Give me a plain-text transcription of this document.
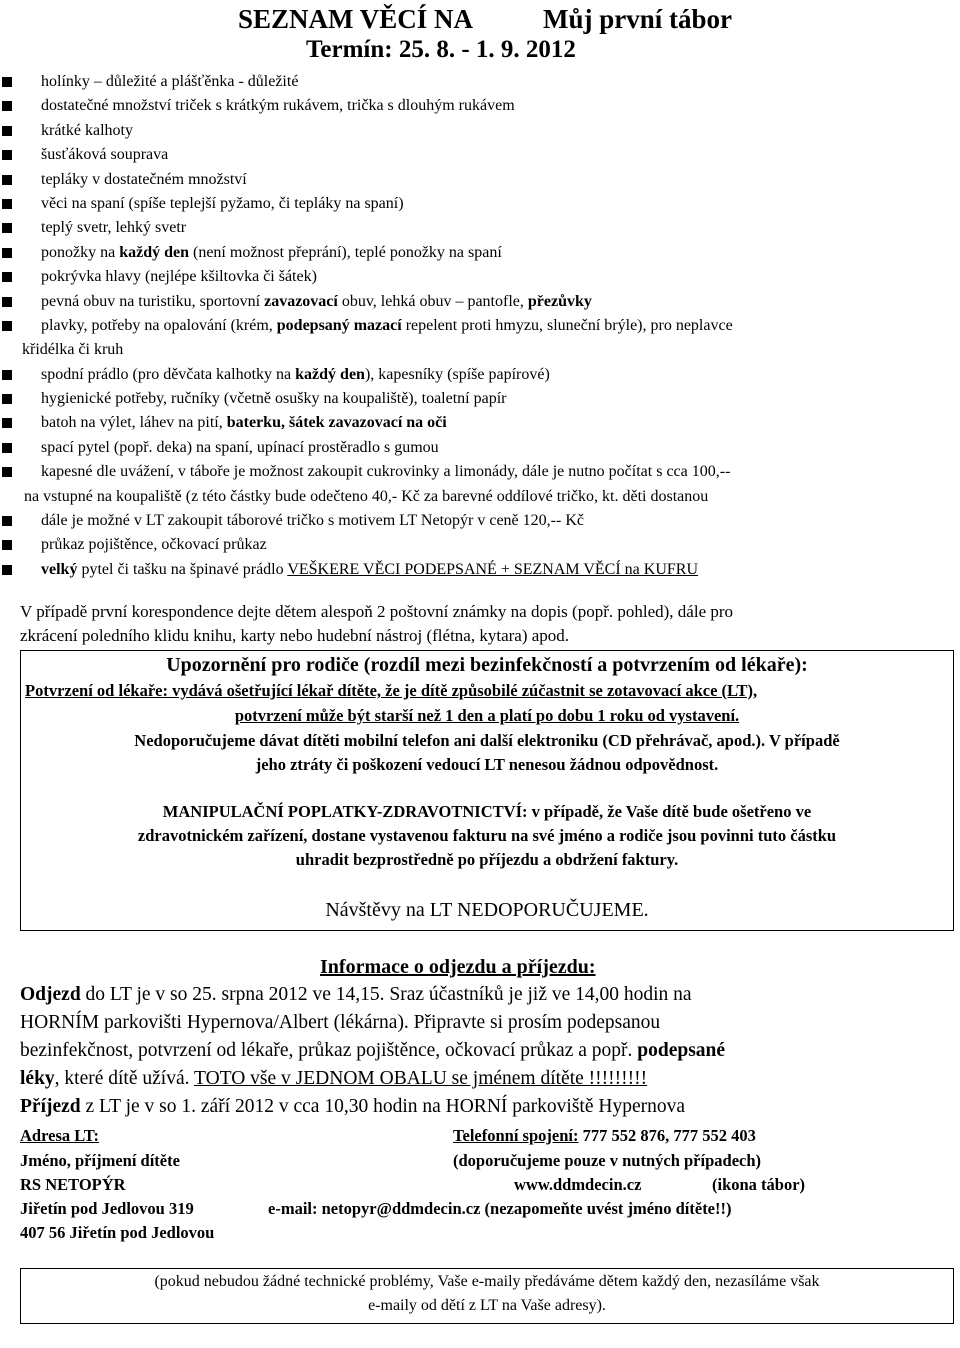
SEZNAM VĚCÍ NA	Můj první tábor
Termín: 25. 8. - 1. 9. 2012
holínky – důležité a plášťěnka - důležité
dostatečné množství triček s krátkým rukávem, trička s dlouhým rukávem
krátké kalhoty
šusťáková souprava
tepláky v dostatečném množství
věci na spaní (spíše teplejší pyžamo, či tepláky na spaní)
teplý svetr, lehký svetr
ponožky na každý den (není možnost přeprání), teplé ponožky na spaní
pokrývka hlavy (nejlépe kšiltovka či šátek)
pevná obuv na turistiku, sportovní zavazovací obuv, lehká obuv – pantofle, přezůvky
plavky, potřeby na opalování (krém, podepsaný mazací repelent proti hmyzu, sluneční brýle), pro neplavce
křidélka či kruh
spodní prádlo (pro děvčata kalhotky na každý den), kapesníky (spíše papírové)
hygienické potřeby, ručníky (včetně osušky na koupaliště), toaletní papír
batoh na výlet, láhev na pití, baterku, šátek zavazovací na oči
spací pytel (popř. deka) na spaní, upínací prostěradlo s gumou
kapesné dle uvážení, v táboře je možnost zakoupit cukrovinky a limonády, dále je nutno počítat s cca 100,--
na vstupné na koupaliště (z této částky bude odečteno 40,- Kč za barevné oddílové tričko, kt. děti dostanou
dále je možné v LT zakoupit táborové tričko s motivem LT Netopýr v ceně 120,-- Kč
průkaz pojištěnce, očkovací průkaz
velký pytel či tašku na špinavé prádlo VEŠKERE VĚCI PODEPSANÉ + SEZNAM VĚCÍ na KUFRU
V případě první korespondence dejte dětem alespoň 2 poštovní známky na dopis (popř. pohled), dále pro
zkrácení poledního klidu knihu, karty nebo hudební nástroj (flétna, kytara) apod.
Upozornění pro rodiče (rozdíl mezi bezinfekčností a potvrzením od lékaře):
Potvrzení od lékaře: vydává ošetřující lékař dítěte, že je dítě způsobilé zúčastnit se zotavovací akce (LT),
potvrzení může být starší než 1 den a platí po dobu 1 roku od vystavení.
Nedoporučujeme dávat dítěti mobilní telefon ani další elektroniku (CD přehrávač, apod.). V případě
jeho ztráty či poškození vedoucí LT nenesou žádnou odpovědnost.
MANIPULAČNÍ POPLATKY-ZDRAVOTNICTVÍ: v případě, že Vaše dítě bude ošetřeno ve
zdravotnickém zařízení, dostane vystavenou fakturu na své jméno a rodiče jsou povinni tuto částku
uhradit bezprostředně po příjezdu a obdržení faktury.
Návštěvy na LT NEDOPORUČUJEME.
Informace o odjezdu a příjezdu:
Odjezd do LT je v so 25. srpna 2012 ve 14,15. Sraz účastníků je již ve 14,00 hodin na
HORNÍM parkovišti Hypernova/Albert (lékárna). Připravte si prosím podepsanou
bezinfekčnost, potvrzení od lékaře, průkaz pojištěnce, očkovací průkaz a popř. podepsané
léky, které dítě užívá. TOTO vše v JEDNOM OBALU se jménem dítěte !!!!!!!!!
Příjezd z LT je v so 1. září 2012 v cca 10,30 hodin na HORNÍ parkoviště Hypernova
Adresa LT:
Jméno, příjmení dítěte
RS NETOPÝR
Jiřetín pod Jedlovou 319
407 56 Jiřetín pod Jedlovou
Telefonní spojení: 777 552 876, 777 552 403
(doporučujeme pouze v nutných případech)
www.ddmdecin.cz	(ikona tábor)
e-mail: netopyr@ddmdecin.cz (nezapomeňte uvést jméno dítěte!!)
(pokud nebudou žádné technické problémy, Vaše e-maily předáváme dětem každý den, nezasíláme však
e-maily od dětí z LT na Vaše adresy).
